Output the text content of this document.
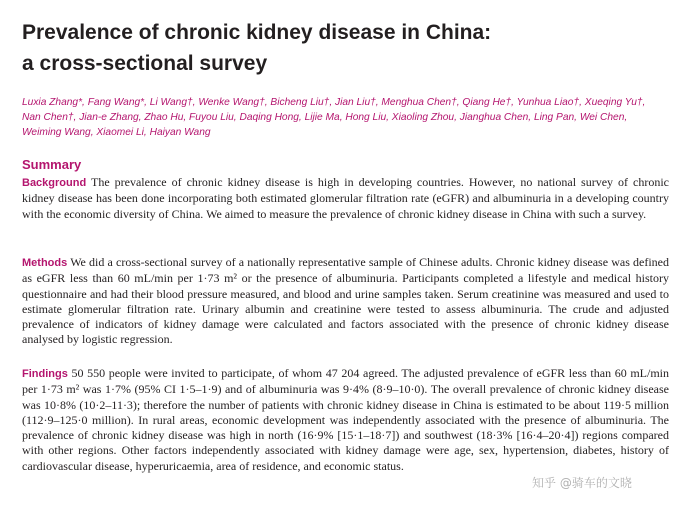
Prevalence of chronic kidney disease in China:
a cross-sectional survey
Luxia Zhang*, Fang Wang*, Li Wang†, Wenke Wang†, Bicheng Liu†, Jian Liu†, Menghua Chen†, Qiang He†, Yunhua Liao†, Xueqing Yu†,
Nan Chen†, Jian-e Zhang, Zhao Hu, Fuyou Liu, Daqing Hong, Lijie Ma, Hong Liu, Xiaoling Zhou, Jianghua Chen, Ling Pan, Wei Chen,
Weiming Wang, Xiaomei Li, Haiyan Wang
Summary

Background The prevalence of chronic kidney disease is high in developing countries. However, no national survey of chronic kidney disease has been done incorporating both estimated glomerular filtration rate (eGFR) and albuminuria in a developing country with the economic diversity of China. We aimed to measure the prevalence of chronic kidney disease in China with such a survey.

Methods We did a cross-sectional survey of a nationally representative sample of Chinese adults. Chronic kidney disease was defined as eGFR less than 60 mL/min per 1·73 m² or the presence of albuminuria. Participants completed a lifestyle and medical history questionnaire and had their blood pressure measured, and blood and urine samples taken. Serum creatinine was measured and used to estimate glomerular filtration rate. Urinary albumin and creatinine were tested to assess albuminuria. The crude and adjusted prevalence of indicators of kidney damage were calculated and factors associated with the presence of chronic kidney disease analysed by logistic regression.

Findings 50 550 people were invited to participate, of whom 47 204 agreed. The adjusted prevalence of eGFR less than 60 mL/min per 1·73 m² was 1·7% (95% CI 1·5–1·9) and of albuminuria was 9·4% (8·9–10·0). The overall prevalence of chronic kidney disease was 10·8% (10·2–11·3); therefore the number of patients with chronic kidney disease in China is estimated to be about 119·5 million (112·9–125·0 million). In rural areas, economic development was independently associated with the presence of albuminuria. The prevalence of chronic kidney disease was high in north (16·9% [15·1–18·7]) and southwest (18·3% [16·4–20·4]) regions compared with other regions. Other factors independently associated with kidney damage were age, sex, hypertension, diabetes, history of cardiovascular disease, hyperuricaemia, area of residence, and economic status.

知乎 @骑车的文晓
